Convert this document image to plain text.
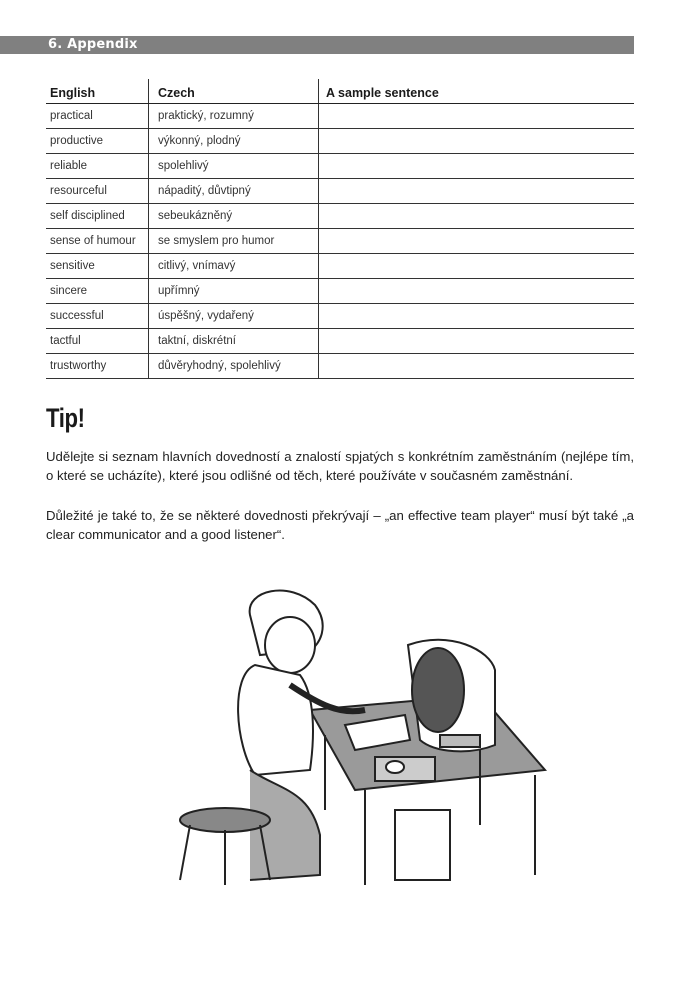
6. Appendix
English	Czech	A sample sentence
practical	praktický, rozumný	
productive	výkonný, plodný	
reliable	spolehlivý	
resourceful	nápaditý, důvtipný	
self disciplined	sebeukázněný	
sense of humour	se smyslem pro humor	
sensitive	citlivý, vnímavý	
sincere	upřímný	
successful	úspěšný, vydařený	
tactful	taktní, diskrétní	
trustworthy	důvěryhodný, spolehlivý	
Tip!
Udělejte si seznam hlavních dovedností a znalostí spjatých s konkrétním zaměstnáním (nejlépe tím, o které se ucházíte), které jsou odlišné od těch, které používáte v současném zaměstnání.
Důležité je také to, že se některé dovednosti překrývají – „an effective team player“ musí být také „a clear communicator and a good listener“.
